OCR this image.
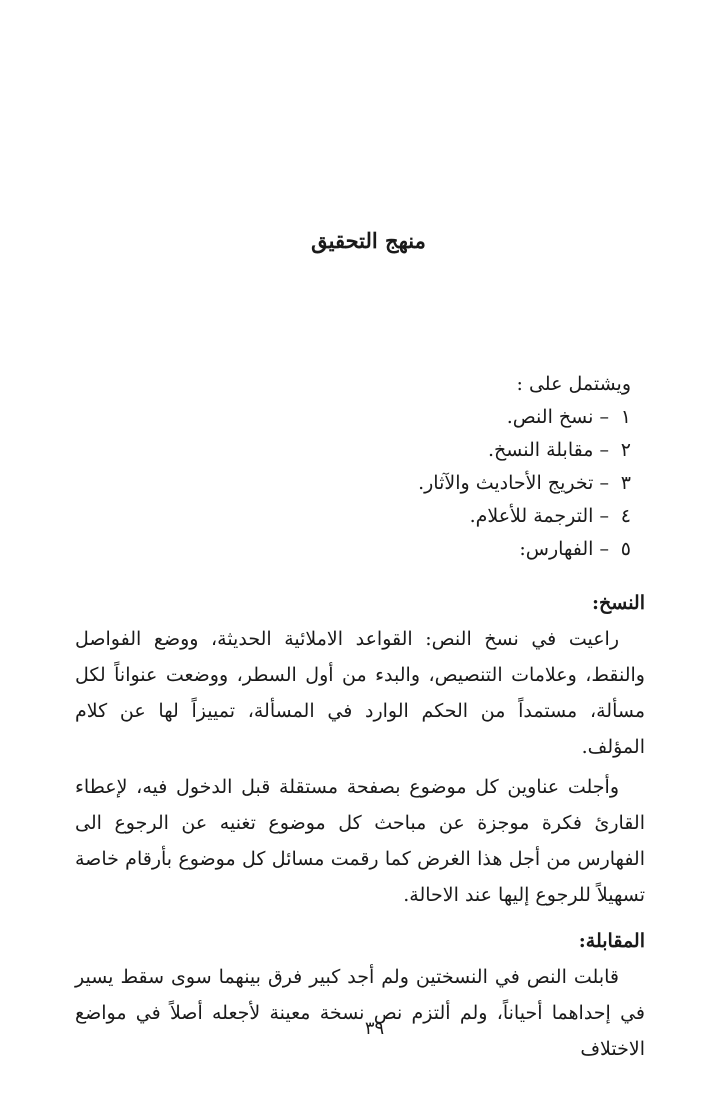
منهج التحقيق

ويشتمل على :

١ – نسخ النص.
٢ – مقابلة النسخ.
٣ – تخريج الأحاديث والآثار.
٤ – الترجمة للأعلام.
٥ – الفهارس:
النسخ:

راعيت في نسخ النص: القواعد الاملائية الحديثة، ووضع الفواصل والنقط، وعلامات التنصيص، والبدء من أول السطر، ووضعت عنواناً لكل مسألة، مستمداً من الحكم الوارد في المسألة، تمييزاً لها عن كلام المؤلف.

وأجلت عناوين كل موضوع بصفحة مستقلة قبل الدخول فيه، لإعطاء القارئ فكرة موجزة عن مباحث كل موضوع تغنيه عن الرجوع الى الفهارس من أجل هذا الغرض كما رقمت مسائل كل موضوع بأرقام خاصة تسهيلاً للرجوع إليها عند الاحالة.

المقابلة:

قابلت النص في النسختين ولم أجد كبير فرق بينهما سوى سقط يسير في إحداهما أحياناً، ولم ألتزم نص نسخة معينة لأجعله أصلاً في مواضع الاختلاف

٣٩
